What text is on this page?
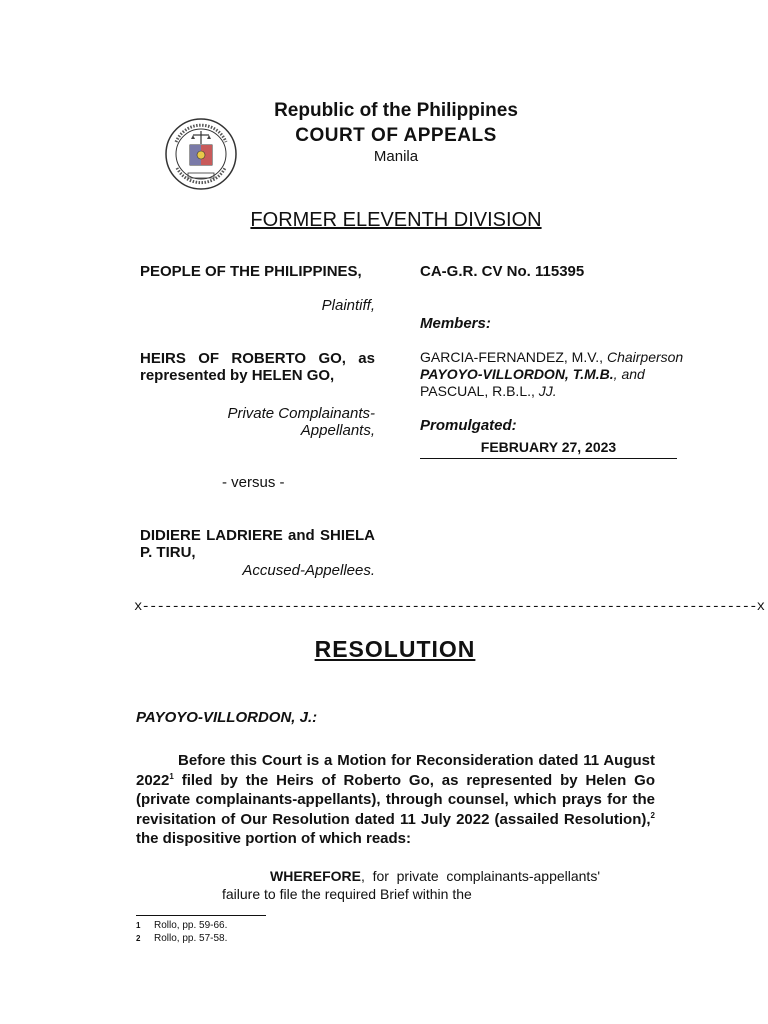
Republic of the Philippines
COURT OF APPEALS
Manila
FORMER ELEVENTH DIVISION
PEOPLE OF THE PHILIPPINES,
Plaintiff,
HEIRS OF ROBERTO GO, as represented by HELEN GO,
Private Complainants-
Appellants,
- versus -
DIDIERE LADRIERE and SHIELA P. TIRU,
Accused-Appellees.
CA-G.R. CV No. 115395
Members:
GARCIA-FERNANDEZ, M.V., Chairperson
PAYOYO-VILLORDON, T.M.B., and
PASCUAL, R.B.L., JJ.
Promulgated:
FEBRUARY 27, 2023
x----------------------------------------------------------------------------------x
RESOLUTION
PAYOYO-VILLORDON, J.:
Before this Court is a Motion for Reconsideration dated 11 August 2022$^1$ filed by the Heirs of Roberto Go, as represented by Helen Go (private complainants-appellants), through counsel, which prays for the revisitation of Our Resolution dated 11 July 2022 (assailed Resolution),$^2$ the dispositive portion of which reads:
WHEREFORE, for private complainants-appellants' failure to file the required Brief within the
1 Rollo, pp. 59-66.
2 Rollo, pp. 57-58.
